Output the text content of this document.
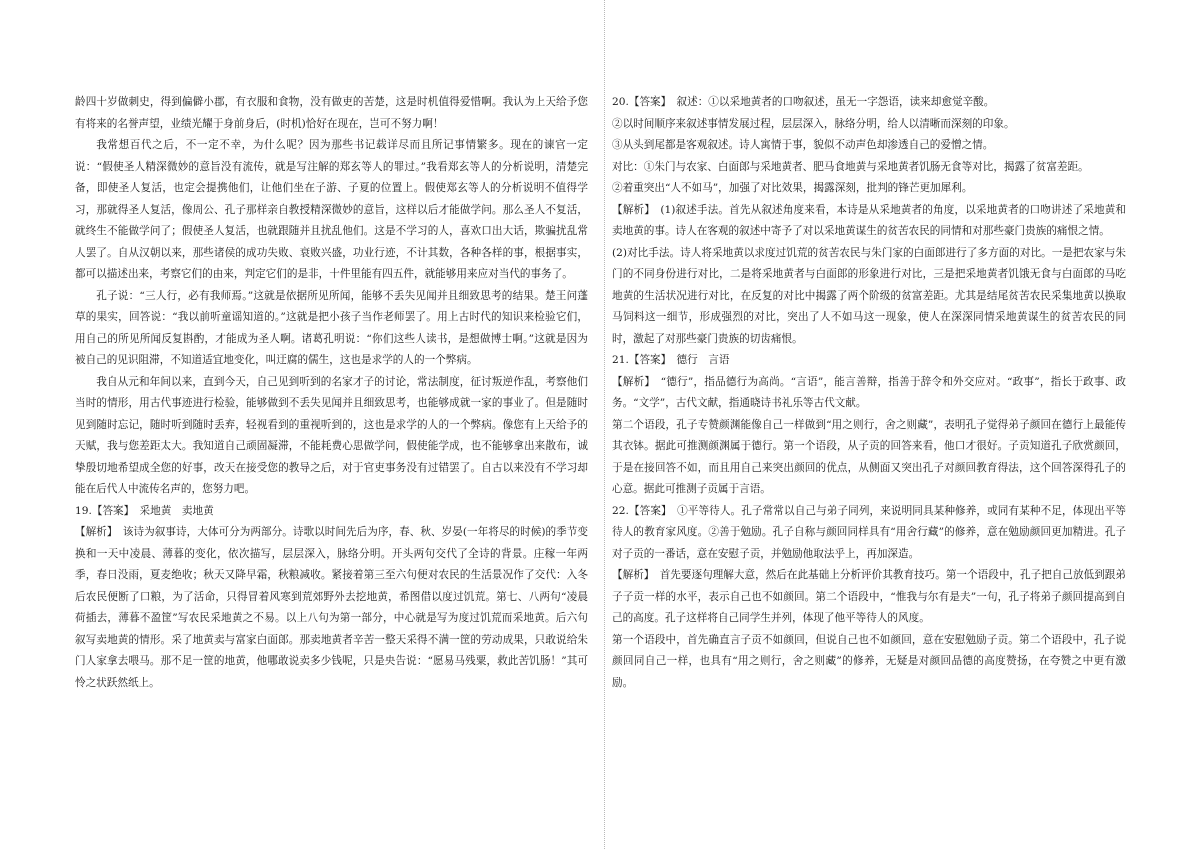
龄四十岁做刺史，得到偏僻小郡，有衣服和食物，没有做吏的苦楚，这是时机值得爱惜啊。我认为上天给予您有将来的名誉声望，业绩光耀于身前身后，(时机)恰好在现在，岂可不努力啊！

我常想百代之后，不一定不幸，为什么呢？因为那些书记载详尽而且所记事情繁多。现在的谏官一定说：“假使圣人精深微妙的意旨没有流传，就是写注解的郑玄等人的罪过。”我看郑玄等人的分析说明，清楚完备，即使圣人复活，也定会提携他们，让他们坐在子游、子夏的位置上。假使郑玄等人的分析说明不值得学习，那就得圣人复活，像周公、孔子那样亲自教授精深微妙的意旨，这样以后才能做学问。那么圣人不复活，就终生不能做学问了；假使圣人复活，也就跟随并且扰乱他们。这是不学习的人，喜欢口出大话，欺骗扰乱常人罢了。自从汉朝以来，那些诸侯的成功失败、衰败兴盛，功业行迹，不计其数，各种各样的事，根据事实，都可以描述出来，考察它们的由来，判定它们的是非，十件里能有四五件，就能够用来应对当代的事务了。

孔子说：“三人行，必有我师焉。”这就是依据所见所闻，能够不丢失见闻并且细致思考的结果。楚王问蓬草的果实，回答说：“我以前听童谣知道的。”这就是把小孩子当作老师罢了。用上古时代的知识来检验它们，用自己的所见所闻反复斟酌，才能成为圣人啊。诸葛孔明说：“你们这些人读书，是想做博士啊。”这就是因为被自己的见识阻滞，不知道适宜地变化，叫迂腐的儒生，这也是求学的人的一个弊病。

我自从元和年间以来，直到今天，自己见到听到的名家才子的讨论，常法制度，征讨叛逆作乱，考察他们当时的情形，用古代事迹进行检验，能够做到不丢失见闻并且细致思考，也能够成就一家的事业了。但是随时见到随时忘记，随时听到随时丢弃，轻视看到的重视听到的，这也是求学的人的一个弊病。像您有上天给予的天赋，我与您差距太大。我知道自己顽固凝滞，不能耗费心思做学问，假使能学成，也不能够拿出来散布，诚挚殷切地希望成全您的好事，改天在接受您的教导之后，对于官吏事务没有过错罢了。自古以来没有不学习却能在后代人中流传名声的，您努力吧。

19.【答案】　采地黄　卖地黄

【解析】　该诗为叙事诗，大体可分为两部分。诗歌以时间先后为序，春、秋、岁晏(一年将尽的时候)的季节变换和一天中凌晨、薄暮的变化，依次描写，层层深入，脉络分明。开头两句交代了全诗的背景。庄稼一年两季，春日没雨，夏麦绝收；秋天又降早霜，秋粮减收。紧接着第三至六句便对农民的生活景况作了交代：入冬后农民便断了口粮，为了活命，只得冒着风寒到荒郊野外去挖地黄，希图借以度过饥荒。第七、八两句“凌晨荷插去，薄暮不盈筐”写农民采地黄之不易。以上八句为第一部分，中心就是写为度过饥荒而采地黄。后六句叙写卖地黄的情形。采了地黄卖与富家白面郎。那卖地黄者辛苦一整天采得不满一筐的劳动成果，只敢说给朱门人家拿去喂马。那不足一筐的地黄，他哪敢说卖多少钱呢，只是央告说：“愿易马残粟，救此苦饥肠！”其可怜之状跃然纸上。

20.【答案】　叙述：①以采地黄者的口吻叙述，虽无一字怨语，读来却愈觉辛酸。

②以时间顺序来叙述事情发展过程，层层深入，脉络分明，给人以清晰而深刻的印象。

③从头到尾都是客观叙述。诗人寓情于事，貌似不动声色却渗透自己的爱憎之情。

对比：①朱门与农家、白面郎与采地黄者、肥马食地黄与采地黄者饥肠无食等对比，揭露了贫富差距。

②着重突出“人不如马”，加强了对比效果，揭露深刻，批判的锋芒更加犀利。

【解析】　(1)叙述手法。首先从叙述角度来看，本诗是从采地黄者的角度，以采地黄者的口吻讲述了采地黄和卖地黄的事。诗人在客观的叙述中寄予了对以采地黄谋生的贫苦农民的同情和对那些豪门贵族的痛恨之情。

(2)对比手法。诗人将采地黄以求度过饥荒的贫苦农民与朱门家的白面郎进行了多方面的对比。一是把农家与朱门的不同身份进行对比，二是将采地黄者与白面郎的形象进行对比，三是把采地黄者饥饿无食与白面郎的马吃地黄的生活状况进行对比，在反复的对比中揭露了两个阶级的贫富差距。尤其是结尾贫苦农民采集地黄以换取马饲料这一细节，形成强烈的对比，突出了人不如马这一现象，使人在深深同情采地黄谋生的贫苦农民的同时，激起了对那些豪门贵族的切齿痛恨。

21.【答案】　德行　言语

【解析】　“德行”，指品德行为高尚。“言语”，能言善辩，指善于辞令和外交应对。“政事”，指长于政事、政务。“文学”，古代文献，指通晓诗书礼乐等古代文献。

第二个语段，孔子专赞颜渊能像自己一样做到“用之则行，舍之则藏”，表明孔子觉得弟子颜回在德行上最能传其衣钵。据此可推测颜渊属于德行。第一个语段，从子贡的回答来看，他口才很好。子贡知道孔子欣赏颜回，于是在接回答不如，而且用自己来突出颜回的优点，从侧面又突出孔子对颜回教育得法，这个回答深得孔子的心意。据此可推测子贡属于言语。

22.【答案】　①平等待人。孔子常常以自己与弟子同列，来说明同具某种修养，或同有某种不足，体现出平等待人的教育家风度。②善于勉励。孔子自称与颜回同样具有“用舍行藏”的修养，意在勉励颜回更加精进。孔子对子贡的一番话，意在安慰子贡，并勉励他取法乎上，再加深造。

【解析】　首先要逐句理解大意，然后在此基础上分析评价其教育技巧。第一个语段中，孔子把自己放低到跟弟子子贡一样的水平，表示自己也不如颜回。第二个语段中，“惟我与尔有是夫”一句，孔子将弟子颜回提高到自己的高度。孔子这样将自己同学生并列，体现了他平等待人的风度。

第一个语段中，首先确直言子贡不如颜回，但说自己也不如颜回，意在安慰勉励子贡。第二个语段中，孔子说颜回同自己一样，也具有“用之则行，舍之则藏”的修养，无疑是对颜回品德的高度赞扬，在夸赞之中更有激励。
